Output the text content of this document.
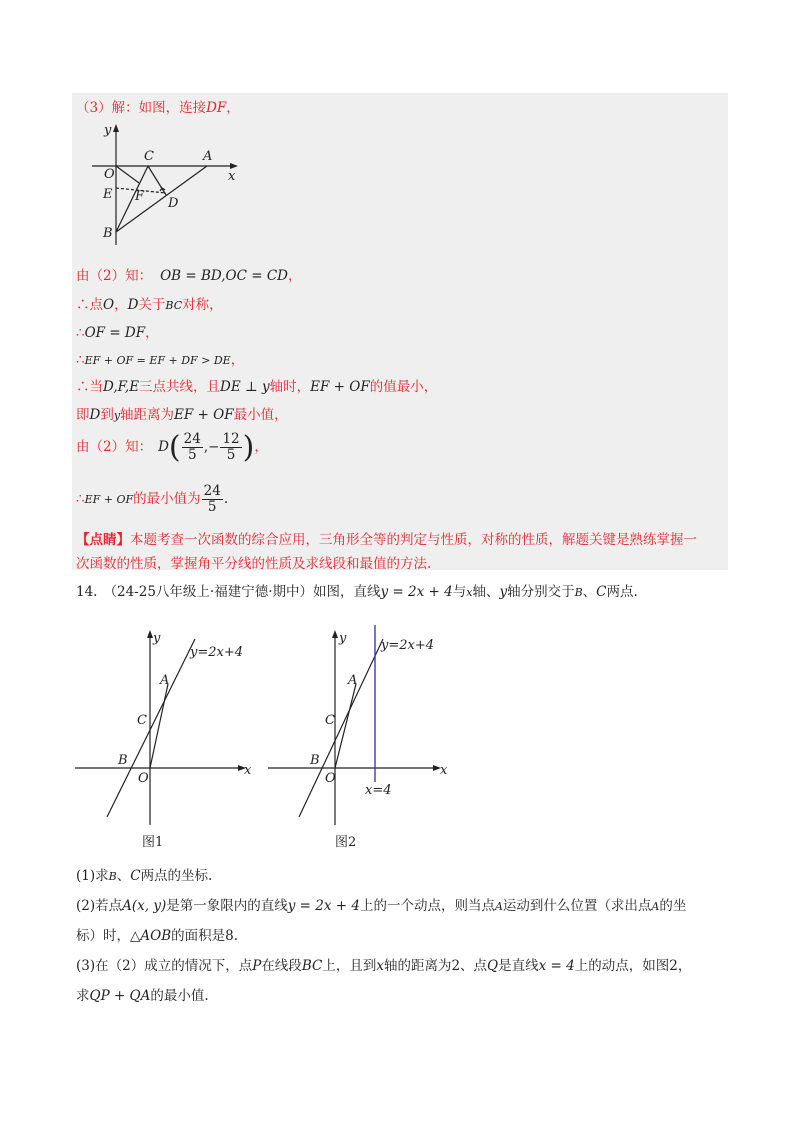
（3）解：如图，连接DF，
y
x
O
C	A
E F D
B
由（2）知： OB = BD,OC = CD，
∴点O，D关于BC对称，
∴OF = DF，
∴EF + OF = EF + DF > DE，
∴当D,F,E三点共线，且DE ⊥ y轴时，EF + OF的值最小，
即D到y轴距离为EF + OF最小值，
由（2）知： $D( \frac{24}{5}$ ,− $\frac{12}{5}$ )，
∴EF + OF的最小值为 $\frac{24}{5}$ .
【点睛】本题考查一次函数的综合应用，三角形全等的判定与性质，对称的性质，解题关键是熟练掌握一
次函数的性质，掌握角平分线的性质及求线段和最值的方法.
14. （24-25八年级上·福建宁德·期中）如图，直线y = 2x + 4与x轴、y轴分别交于B、C两点.
y
y=2x+4
A
C
B
O
x
图1
y	y=2x+4
A
C
B
O
x
x=4
图2
(1)求B、C两点的坐标.
(2)若点A(x, y)是第一象限内的直线y = 2x + 4上的一个动点，则当点A运动到什么位置（求出点A的坐
标）时，△AOB的面积是8.
(3)在（2）成立的情况下，点P在线段BC上，且到x轴的距离为2、点Q是直线x = 4上的动点，如图2，
求QP + QA的最小值.
